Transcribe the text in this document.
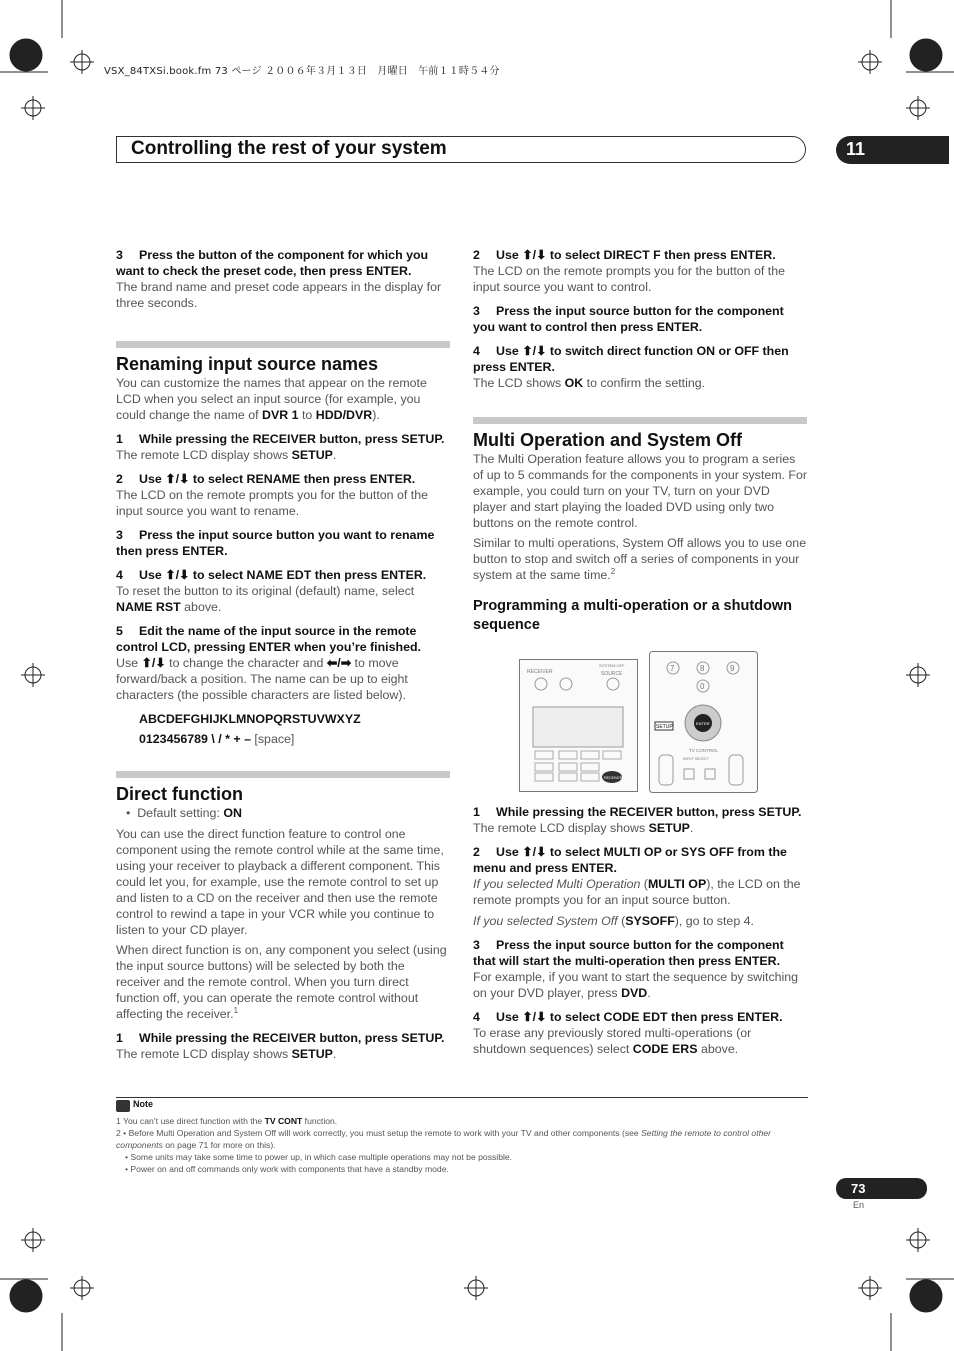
VSX_84TXSi.book.fm 73 ページ ２００６年３月１３日　月曜日　午前１１時５４分
Controlling the rest of your system	11

3 Press the button of the component for which you want to check the preset code, then press ENTER.

The brand name and preset code appears in the display for three seconds.

Renaming input source names

You can customize the names that appear on the remote LCD when you select an input source (for example, you could change the name of DVR 1 to HDD/DVR).

1 While pressing the RECEIVER button, press SETUP.

The remote LCD display shows SETUP.

2 Use ⬆/⬇ to select RENAME then press ENTER.

The LCD on the remote prompts you for the button of the input source you want to rename.

3 Press the input source button you want to rename then press ENTER.

4 Use ⬆/⬇ to select NAME EDT then press ENTER.

To reset the button to its original (default) name, select NAME RST above.

5 Edit the name of the input source in the remote control LCD, pressing ENTER when you’re finished.

Use ⬆/⬇ to change the character and ⬅/➡ to move forward/back a position. The name can be up to eight characters (the possible characters are listed below).

ABCDEFGHIJKLMNOPQRSTUVWXYZ

0123456789 \ / * + – [space]

Direct function

•  Default setting: ON

You can use the direct function feature to control one component using the remote control while at the same time, using your receiver to playback a different component. This could let you, for example, use the remote control to set up and listen to a CD on the receiver and then use the remote control to rewind a tape in your VCR while you continue to listen to your CD player.

When direct function is on, any component you select (using the input source buttons) will be selected by both the receiver and the remote control. When you turn direct function off, you can operate the remote control without affecting the receiver.$^1$

1 While pressing the RECEIVER button, press SETUP.

The remote LCD display shows SETUP.

2 Use ⬆/⬇ to select DIRECT F then press ENTER.

The LCD on the remote prompts you for the button of the input source you want to control.

3 Press the input source button for the component you want to control then press ENTER.

4 Use ⬆/⬇ to switch direct function ON or OFF then press ENTER.

The LCD shows OK to confirm the setting.

Multi Operation and System Off

The Multi Operation feature allows you to program a series of up to 5 commands for the components in your system. For example, you could turn on your TV, turn on your DVD player and start playing the loaded DVD using only two buttons on the remote control.

Similar to multi operations, System Off allows you to use one button to stop and switch off a series of components in your system at the same time.$^2$

Programming a multi-operation or a shutdown sequence
RECEIVER	SOURCE
SYSTEM OFF
RECEIVER
7	8	9
0
ENTER
SETUP
TV CONTROL
INPUT SELECT

1 While pressing the RECEIVER button, press SETUP.

The remote LCD display shows SETUP.

2 Use ⬆/⬇ to select MULTI OP or SYS OFF from the menu and press ENTER.

If you selected Multi Operation (MULTI OP), the LCD on the remote prompts you for an input source button.

If you selected System Off (SYSOFF), go to step 4.

3 Press the input source button for the component that will start the multi-operation then press ENTER.

For example, if you want to start the sequence by switching on your DVD player, press DVD.

4 Use ⬆/⬇ to select CODE EDT then press ENTER.

To erase any previously stored multi-operations (or shutdown sequences) select CODE ERS above.

Note

1 You can’t use direct function with the TV CONT function.

2 • Before Multi Operation and System Off will work correctly, you must setup the remote to work with your TV and other components (see Setting the remote to control other components on page 71 for more on this).

• Some units may take some time to power up, in which case multiple operations may not be possible.

• Power on and off commands only work with components that have a standby mode.

73
En
